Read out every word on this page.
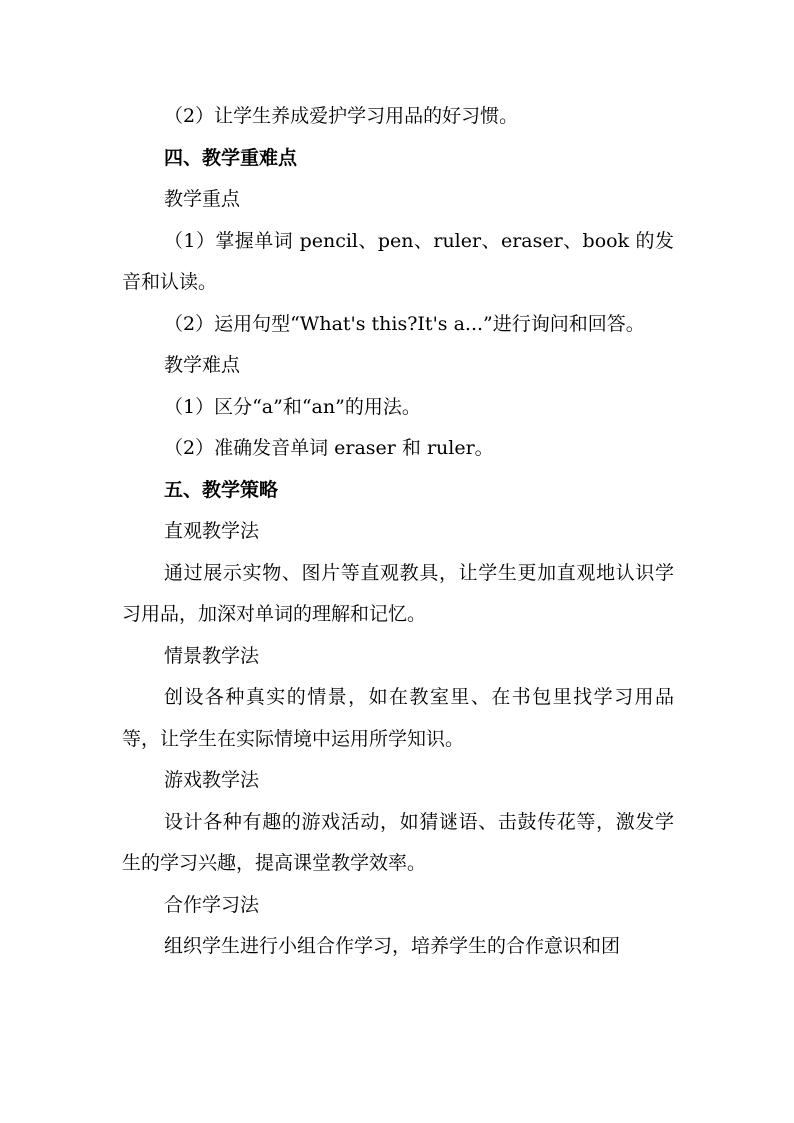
（2）让学生养成爱护学习用品的好习惯。

四、教学重难点

教学重点

（1）掌握单词 pencil、pen、ruler、eraser、book 的发音和认读。

（2）运用句型“What's this?It's a...”进行询问和回答。

教学难点

（1）区分“a”和“an”的用法。

（2）准确发音单词 eraser 和 ruler。

五、教学策略

直观教学法

通过展示实物、图片等直观教具，让学生更加直观地认识学习用品，加深对单词的理解和记忆。

情景教学法

创设各种真实的情景，如在教室里、在书包里找学习用品等，让学生在实际情境中运用所学知识。

游戏教学法

设计各种有趣的游戏活动，如猜谜语、击鼓传花等，激发学生的学习兴趣，提高课堂教学效率。

合作学习法

组织学生进行小组合作学习，培养学生的合作意识和团
